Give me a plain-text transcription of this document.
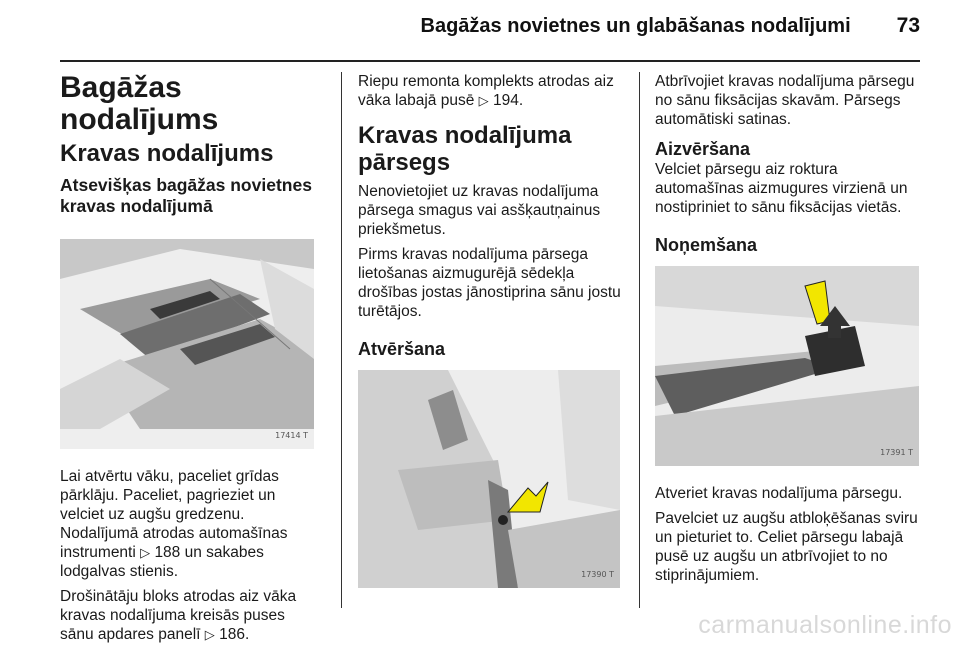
Bagāžas novietnes un glabāšanas nodalījumi 73
Bagāžas nodalījums
Kravas nodalījums
Atsevišķas bagāžas novietnes kravas nodalījumā
17414 T

Lai atvērtu vāku, paceliet grīdas pārklāju. Paceliet, pagrieziet un velciet uz augšu gredzenu. Nodalījumā atrodas automašīnas instrumenti ▷ 188 un sakabes lodgalvas stienis.

Drošinātāju bloks atrodas aiz vāka kravas nodalījuma kreisās puses sānu apdares panelī ▷ 186.

Riepu remonta komplekts atrodas aiz vāka labajā pusē ▷ 194.

Kravas nodalījuma pārsegs

Nenovietojiet uz kravas nodalījuma pārsega smagus vai asšķautņainus priekšmetus.

Pirms kravas nodalījuma pārsega lietošanas aizmugurējā sēdekļa drošības jostas jānostiprina sānu jostu turētājos.

Atvēršana
17390 T

Atbrīvojiet kravas nodalījuma pārsegu no sānu fiksācijas skavām. Pārsegs automātiski satinas.

Aizvēršana

Velciet pārsegu aiz roktura automašīnas aizmugures virzienā un nostipriniet to sānu fiksācijas vietās.

Noņemšana
17391 T

Atveriet kravas nodalījuma pārsegu.

Pavelciet uz augšu atbloķēšanas sviru un pieturiet to. Celiet pārsegu labajā pusē uz augšu un atbrīvojiet to no stiprinājumiem.

carmanualsonline.info
